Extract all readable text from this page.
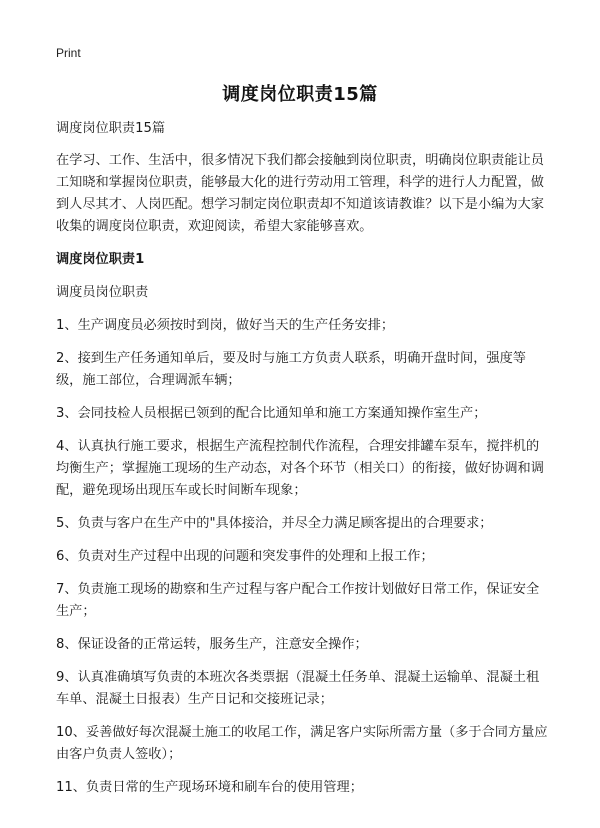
Print
调度岗位职责15篇

调度岗位职责15篇

在学习、工作、生活中，很多情况下我们都会接触到岗位职责，明确岗位职责能让员工知晓和掌握岗位职责，能够最大化的进行劳动用工管理，科学的进行人力配置，做到人尽其才、人岗匹配。想学习制定岗位职责却不知道该请教谁？以下是小编为大家收集的调度岗位职责，欢迎阅读，希望大家能够喜欢。

调度岗位职责1

调度员岗位职责

1、生产调度员必须按时到岗，做好当天的生产任务安排；

2、接到生产任务通知单后，要及时与施工方负责人联系，明确开盘时间，强度等级，施工部位，合理调派车辆；

3、会同技检人员根据已领到的配合比通知单和施工方案通知操作室生产；

4、认真执行施工要求，根据生产流程控制代作流程，合理安排罐车泵车，搅拌机的均衡生产；掌握施工现场的生产动态，对各个环节（相关口）的衔接，做好协调和调配，避免现场出现压车或长时间断车现象；

5、负责与客户在生产中的"具体接洽，并尽全力满足顾客提出的合理要求；

6、负责对生产过程中出现的问题和突发事件的处理和上报工作；

7、负责施工现场的勘察和生产过程与客户配合工作按计划做好日常工作，保证安全生产；

8、保证设备的正常运转，服务生产，注意安全操作；

9、认真准确填写负责的本班次各类票据（混凝土任务单、混凝土运输单、混凝土租车单、混凝土日报表）生产日记和交接班记录；

10、妥善做好每次混凝土施工的收尾工作，满足客户实际所需方量（多于合同方量应由客户负责人签收）；

11、负责日常的生产现场环境和刷车台的使用管理；
